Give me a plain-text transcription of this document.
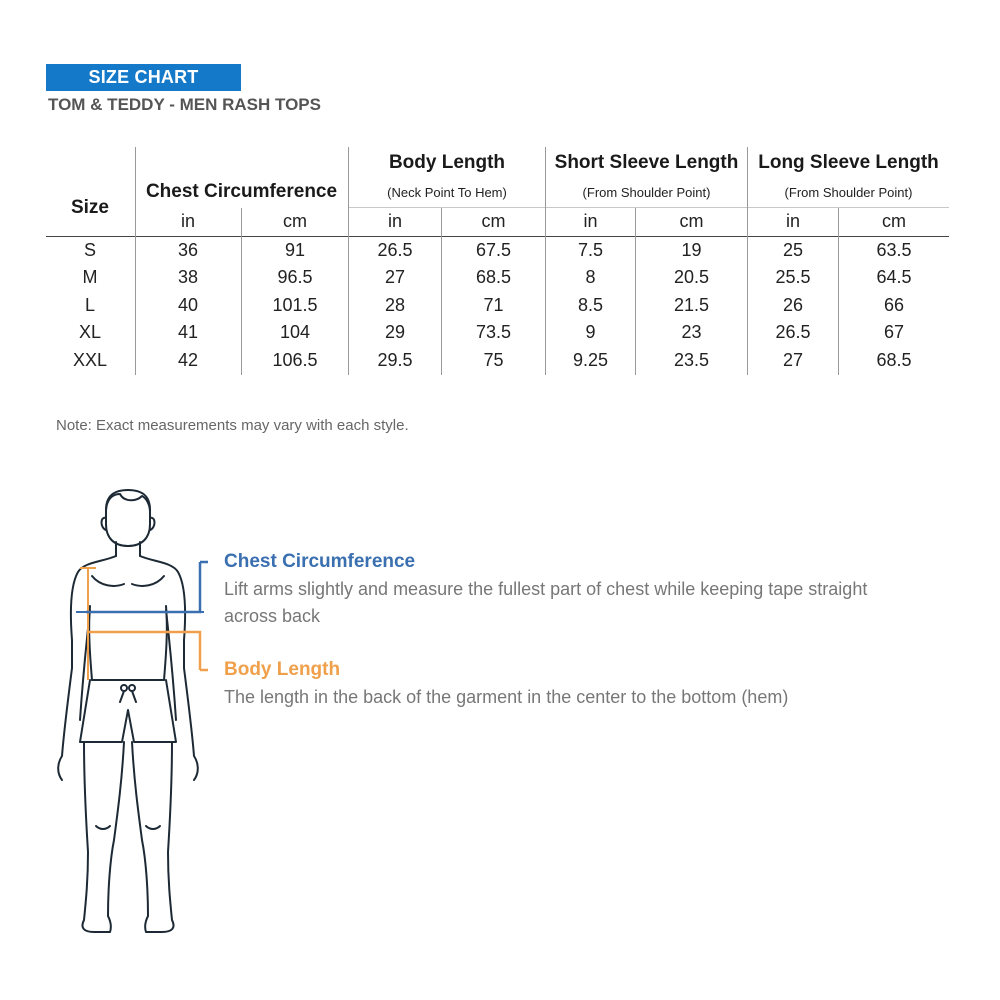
SIZE CHART
TOM & TEDDY - MEN RASH TOPS
Size
Chest Circumference
Body Length
(Neck Point To Hem)
Short Sleeve Length
(From Shoulder Point)
Long Sleeve Length
(From Shoulder Point)
in	cm	in	cm	in	cm	in	cm
S	36	91	26.5	67.5	7.5	19	25	63.5
M	38	96.5	27	68.5	8	20.5	25.5	64.5
L	40	101.5	28	71	8.5	21.5	26	66
XL	41	104	29	73.5	9	23	26.5	67
XXL	42	106.5	29.5	75	9.25	23.5	27	68.5
Note: Exact measurements may vary with each style.
Chest Circumference
Lift arms slightly and measure the fullest part of chest while keeping tape straight across back
Body Length
The length in the back of the garment in the center to the bottom (hem)
